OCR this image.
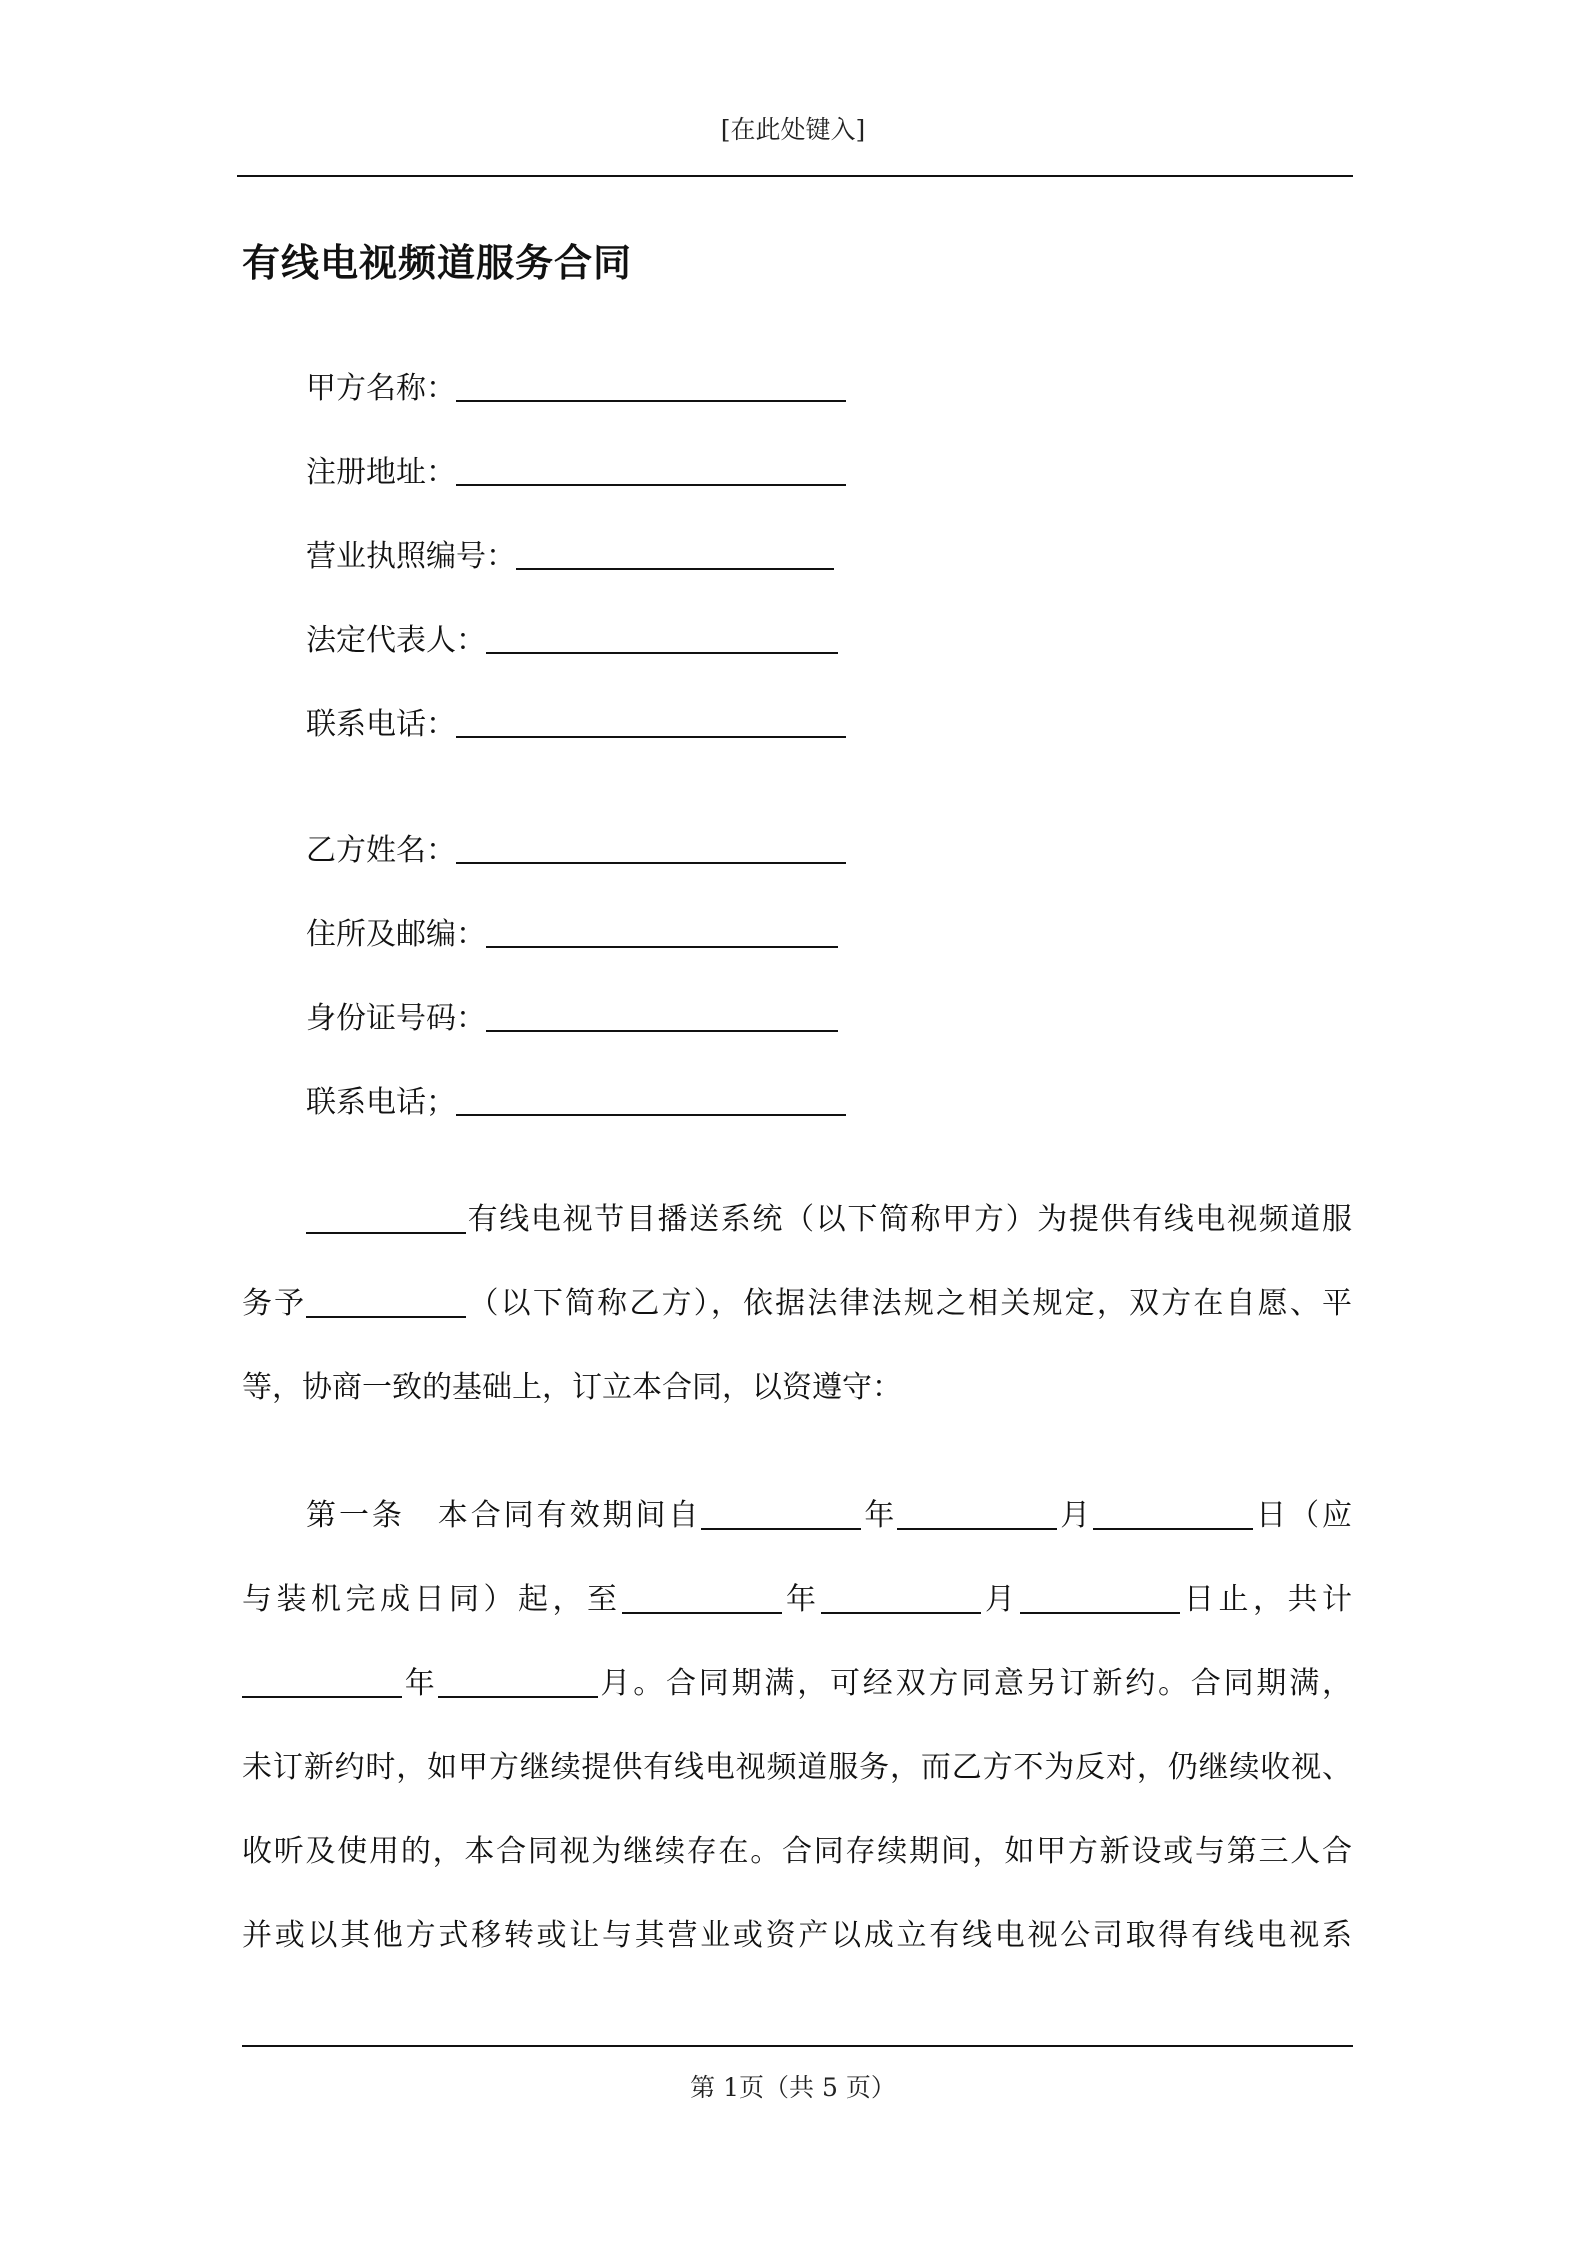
[在此处键入]
有线电视频道服务合同
甲方名称：
注册地址：
营业执照编号：
法定代表人：
联系电话：
乙方姓名：
住所及邮编：
身份证号码：
联系电话；
有线电视节目播送系统（以下简称甲方）为提供有线电视频道服
务予	（以下简称乙方），依据法律法规之相关规定，双方在自愿、平
等，协商一致的基础上，订立本合同，以资遵守：
第一条　本合同有效期间自	年	月	日（应
与装机完成日同）起，至	年	月	日止，共计
年	月。合同期满，可经双方同意另订新约。合同期满，
未订新约时，如甲方继续提供有线电视频道服务，而乙方不为反对，仍继续收视、
收听及使用的，本合同视为继续存在。合同存续期间，如甲方新设或与第三人合
并或以其他方式移转或让与其营业或资产以成立有线电视公司取得有线电视系
第 1页（共 5 页）
